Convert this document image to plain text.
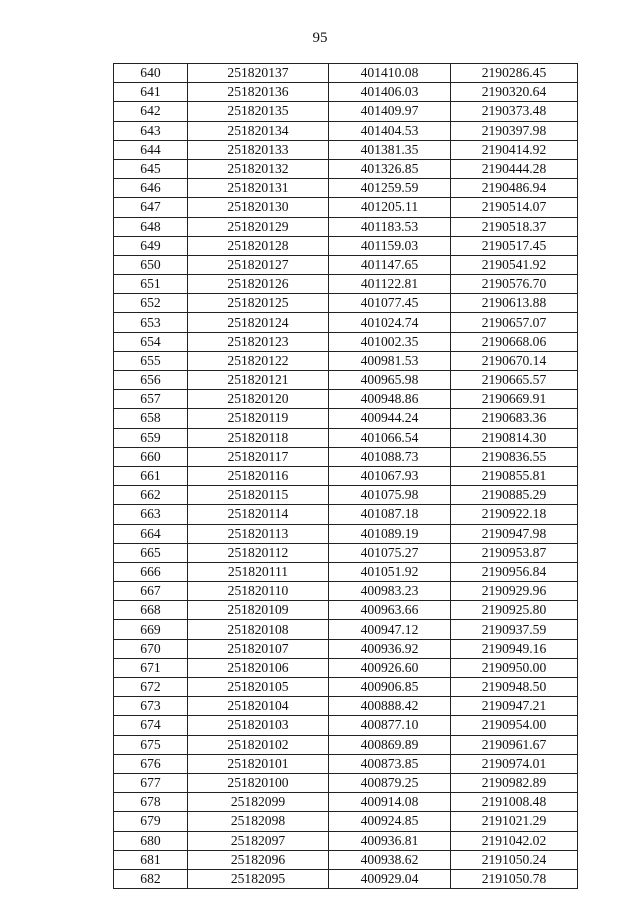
95
640	251820137	401410.08	2190286.45
641	251820136	401406.03	2190320.64
642	251820135	401409.97	2190373.48
643	251820134	401404.53	2190397.98
644	251820133	401381.35	2190414.92
645	251820132	401326.85	2190444.28
646	251820131	401259.59	2190486.94
647	251820130	401205.11	2190514.07
648	251820129	401183.53	2190518.37
649	251820128	401159.03	2190517.45
650	251820127	401147.65	2190541.92
651	251820126	401122.81	2190576.70
652	251820125	401077.45	2190613.88
653	251820124	401024.74	2190657.07
654	251820123	401002.35	2190668.06
655	251820122	400981.53	2190670.14
656	251820121	400965.98	2190665.57
657	251820120	400948.86	2190669.91
658	251820119	400944.24	2190683.36
659	251820118	401066.54	2190814.30
660	251820117	401088.73	2190836.55
661	251820116	401067.93	2190855.81
662	251820115	401075.98	2190885.29
663	251820114	401087.18	2190922.18
664	251820113	401089.19	2190947.98
665	251820112	401075.27	2190953.87
666	251820111	401051.92	2190956.84
667	251820110	400983.23	2190929.96
668	251820109	400963.66	2190925.80
669	251820108	400947.12	2190937.59
670	251820107	400936.92	2190949.16
671	251820106	400926.60	2190950.00
672	251820105	400906.85	2190948.50
673	251820104	400888.42	2190947.21
674	251820103	400877.10	2190954.00
675	251820102	400869.89	2190961.67
676	251820101	400873.85	2190974.01
677	251820100	400879.25	2190982.89
678	25182099	400914.08	2191008.48
679	25182098	400924.85	2191021.29
680	25182097	400936.81	2191042.02
681	25182096	400938.62	2191050.24
682	25182095	400929.04	2191050.78
